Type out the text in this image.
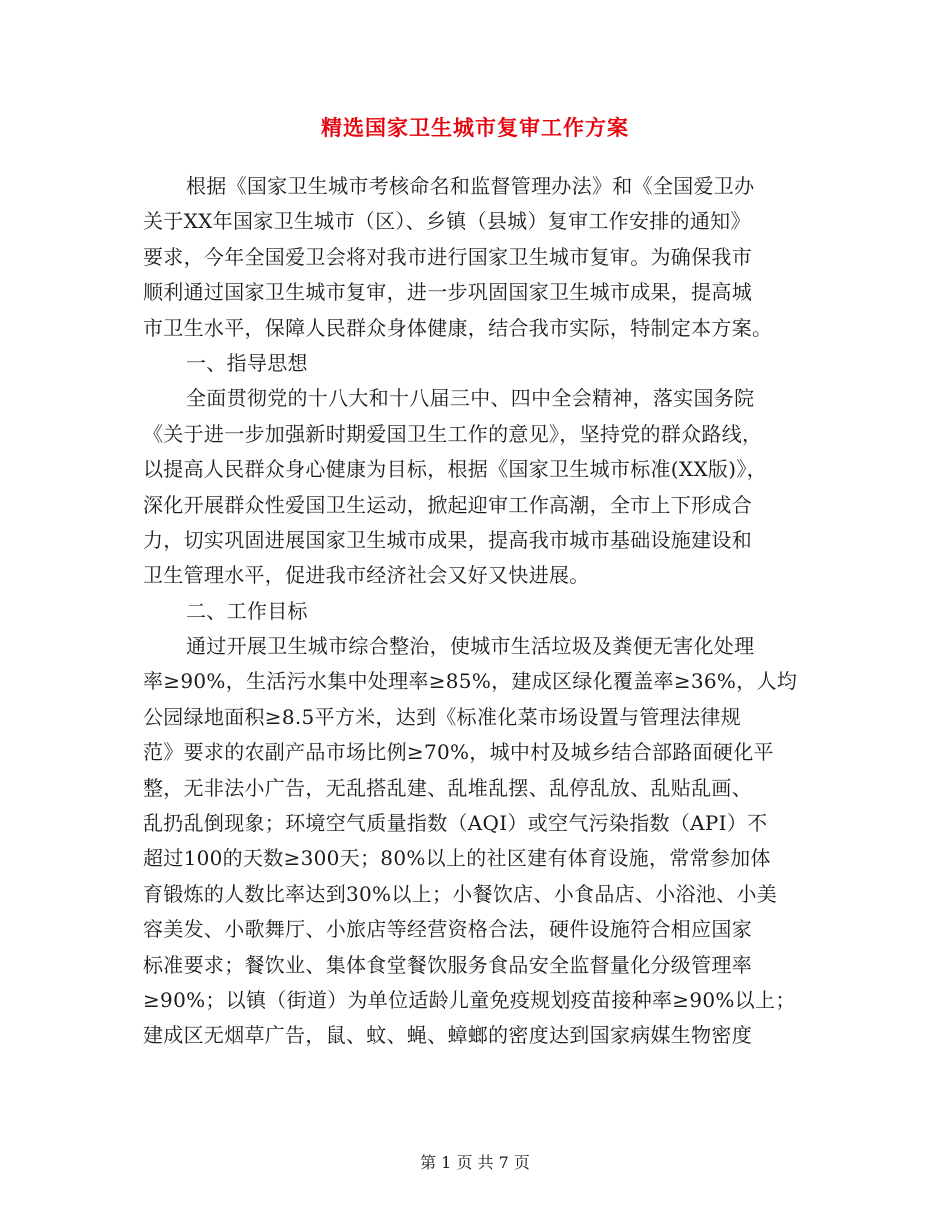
精选国家卫生城市复审工作方案
根据《国家卫生城市考核命名和监督管理办法》和《全国爱卫办
关于XX年国家卫生城市（区）、乡镇（县城）复审工作安排的通知》
要求，今年全国爱卫会将对我市进行国家卫生城市复审。为确保我市
顺利通过国家卫生城市复审，进一步巩固国家卫生城市成果，提高城
市卫生水平，保障人民群众身体健康，结合我市实际，特制定本方案。
一、指导思想
全面贯彻党的十八大和十八届三中、四中全会精神，落实国务院
《关于进一步加强新时期爱国卫生工作的意见》，坚持党的群众路线，
以提高人民群众身心健康为目标，根据《国家卫生城市标准(XX版)》，
深化开展群众性爱国卫生运动，掀起迎审工作高潮，全市上下形成合
力，切实巩固进展国家卫生城市成果，提高我市城市基础设施建设和
卫生管理水平，促进我市经济社会又好又快进展。
二、工作目标
通过开展卫生城市综合整治，使城市生活垃圾及粪便无害化处理
率≥90%，生活污水集中处理率≥85%，建成区绿化覆盖率≥36%，人均
公园绿地面积≥8.5平方米，达到《标准化菜市场设置与管理法律规
范》要求的农副产品市场比例≥70%，城中村及城乡结合部路面硬化平
整，无非法小广告，无乱搭乱建、乱堆乱摆、乱停乱放、乱贴乱画、
乱扔乱倒现象；环境空气质量指数（AQI）或空气污染指数（API）不
超过100的天数≥300天；80%以上的社区建有体育设施，常常参加体
育锻炼的人数比率达到30%以上；小餐饮店、小食品店、小浴池、小美
容美发、小歌舞厅、小旅店等经营资格合法，硬件设施符合相应国家
标准要求；餐饮业、集体食堂餐饮服务食品安全监督量化分级管理率
≥90%；以镇（街道）为单位适龄儿童免疫规划疫苗接种率≥90%以上；
建成区无烟草广告，鼠、蚊、蝇、蟑螂的密度达到国家病媒生物密度
第 1 页 共 7 页
